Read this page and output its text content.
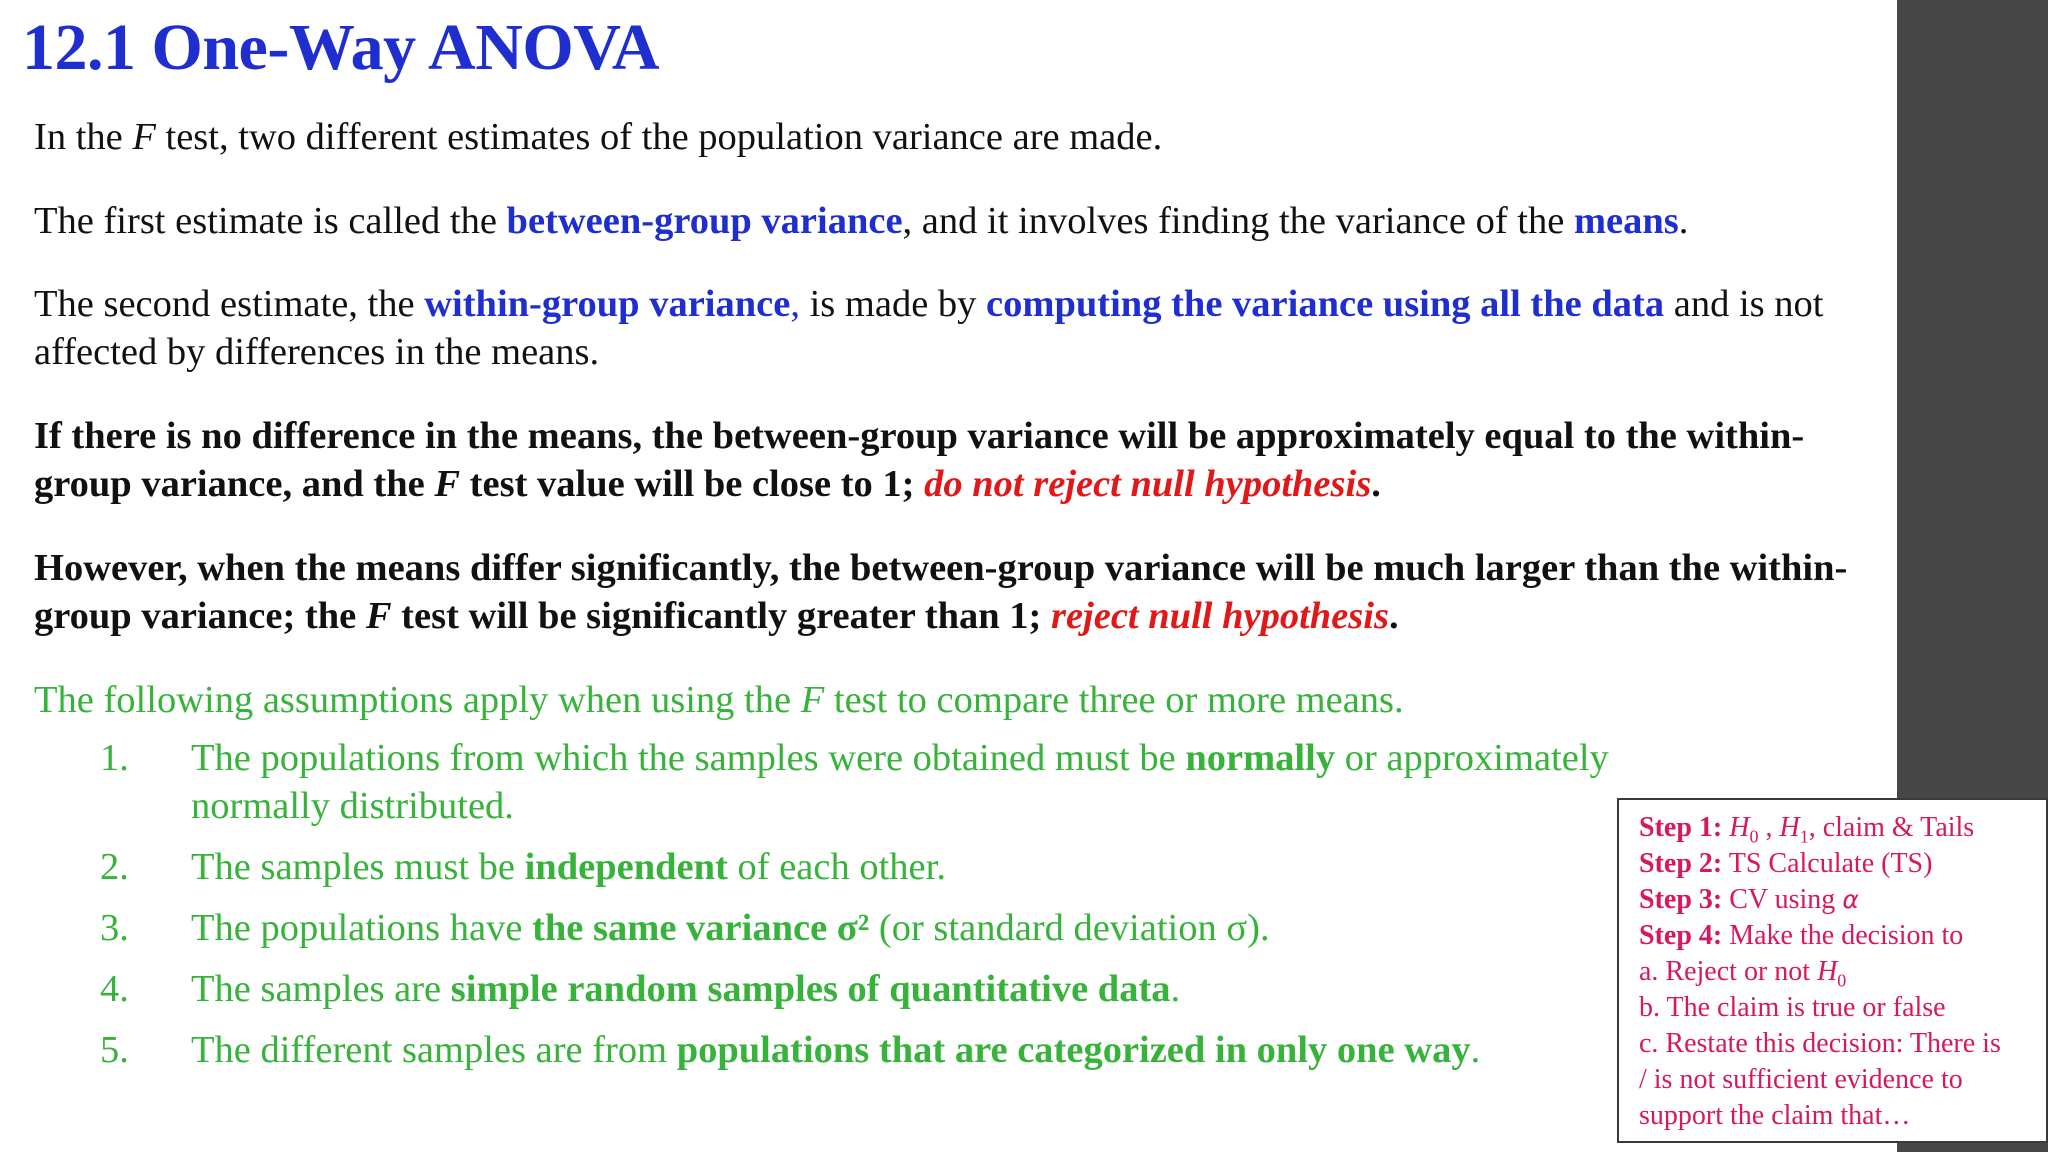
12.1 One-Way ANOVA

In the F test, two different estimates of the population variance are made.

The first estimate is called the between-group variance, and it involves finding the variance of the means.

The second estimate, the within-group variance, is made by computing the variance using all the data and is not affected by differences in the means.

If there is no difference in the means, the between-group variance will be approximately equal to the within-group variance, and the F test value will be close to 1; do not reject null hypothesis.

However, when the means differ significantly, the between-group variance will be much larger than the within-group variance; the F test will be significantly greater than 1; reject null hypothesis.

The following assumptions apply when using the F test to compare three or more means.

1. The populations from which the samples were obtained must be normally or approximately normally distributed.
2. The samples must be independent of each other.
3. The populations have the same variance σ² (or standard deviation σ).
4. The samples are simple random samples of quantitative data.
5. The different samples are from populations that are categorized in only one way.
Step 1: $H_0$ , $H_1$, claim & Tails
Step 2: TS Calculate (TS)
Step 3: CV using α
Step 4: Make the decision to
a. Reject or not $H_0$
b. The claim is true or false
c. Restate this decision: There is
/ is not sufficient evidence to
support the claim that…
